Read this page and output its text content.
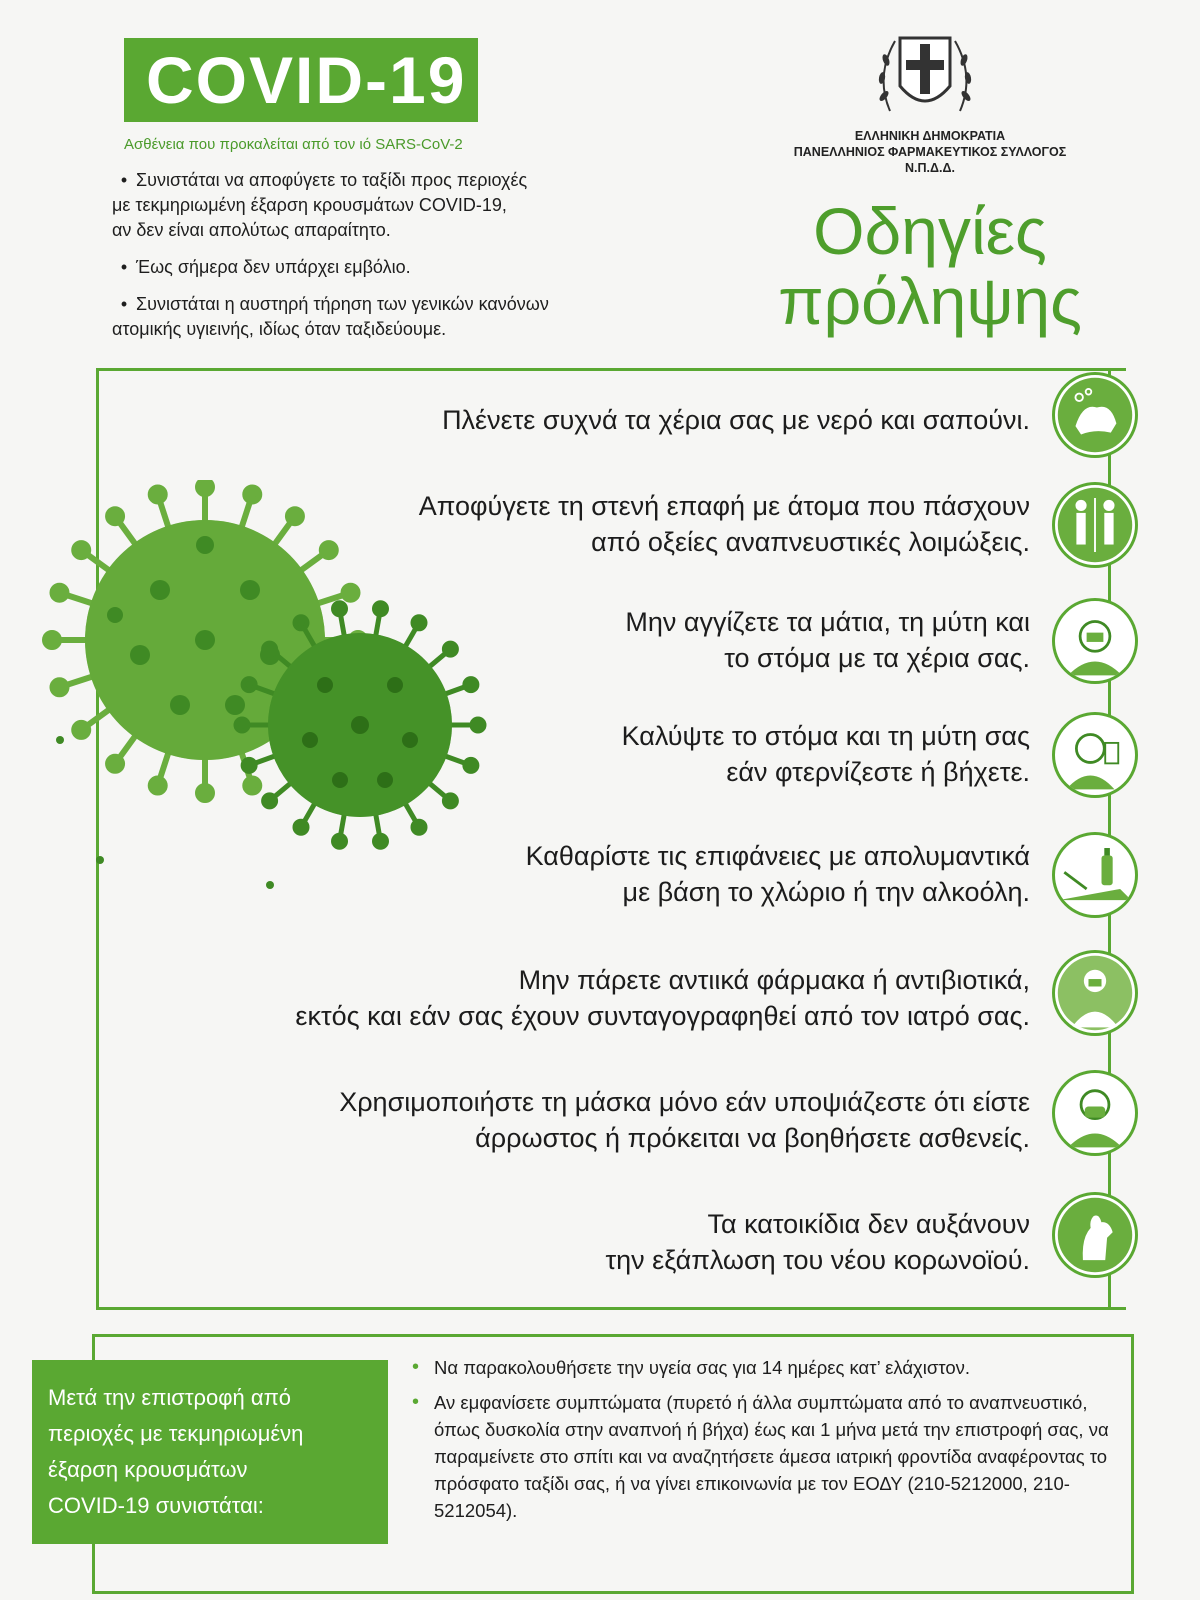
COVID-19
Ασθένεια που προκαλείται από τον ιό SARS-CoV-2
• Συνιστάται να αποφύγετε το ταξίδι προς περιοχές
με τεκμηριωμένη έξαρση κρουσμάτων COVID-19,
αν δεν είναι απολύτως απαραίτητο.
• Έως σήμερα δεν υπάρχει εμβόλιο.
• Συνιστάται η αυστηρή τήρηση των γενικών κανόνων
ατομικής υγιεινής, ιδίως όταν ταξιδεύουμε.
ΕΛΛΗΝΙΚΗ ΔΗΜΟΚΡΑΤΙΑ
ΠΑΝΕΛΛΗΝΙΟΣ ΦΑΡΜΑΚΕΥΤΙΚΟΣ ΣΥΛΛΟΓΟΣ
Ν.Π.Δ.Δ.
Οδηγίες
πρόληψης
Πλένετε συχνά τα χέρια σας με νερό και σαπούνι.
Αποφύγετε τη στενή επαφή με άτομα που πάσχουν
από οξείες αναπνευστικές λοιμώξεις.
Μην αγγίζετε τα μάτια, τη μύτη και
το στόμα με τα χέρια σας.
Καλύψτε το στόμα και τη μύτη σας
εάν φτερνίζεστε ή βήχετε.
Καθαρίστε τις επιφάνειες με απολυμαντικά
με βάση το χλώριο ή την αλκοόλη.
Μην πάρετε αντιικά φάρμακα ή αντιβιοτικά,
εκτός και εάν σας έχουν συνταγογραφηθεί από τον ιατρό σας.
Χρησιμοποιήστε τη μάσκα μόνο εάν υποψιάζεστε ότι είστε
άρρωστος ή πρόκειται να βοηθήσετε ασθενείς.
Τα κατοικίδια δεν αυξάνουν
την εξάπλωση του νέου κορωνοϊού.
Μετά την επιστροφή από
περιοχές με τεκμηριωμένη
έξαρση κρουσμάτων
COVID-19 συνιστάται:
• Να παρακολουθήσετε την υγεία σας για 14 ημέρες κατ’ ελάχιστον.
• Αν εμφανίσετε συμπτώματα (πυρετό ή άλλα συμπτώματα από το αναπνευστικό, όπως δυσκολία στην αναπνοή ή βήχα) έως και 1 μήνα μετά την επιστροφή σας, να παραμείνετε στο σπίτι και να αναζητήσετε άμεσα ιατρική φροντίδα αναφέροντας το πρόσφατο ταξίδι σας, ή να γίνει επικοινωνία με τον ΕΟΔΥ (210-5212000, 210-5212054).
